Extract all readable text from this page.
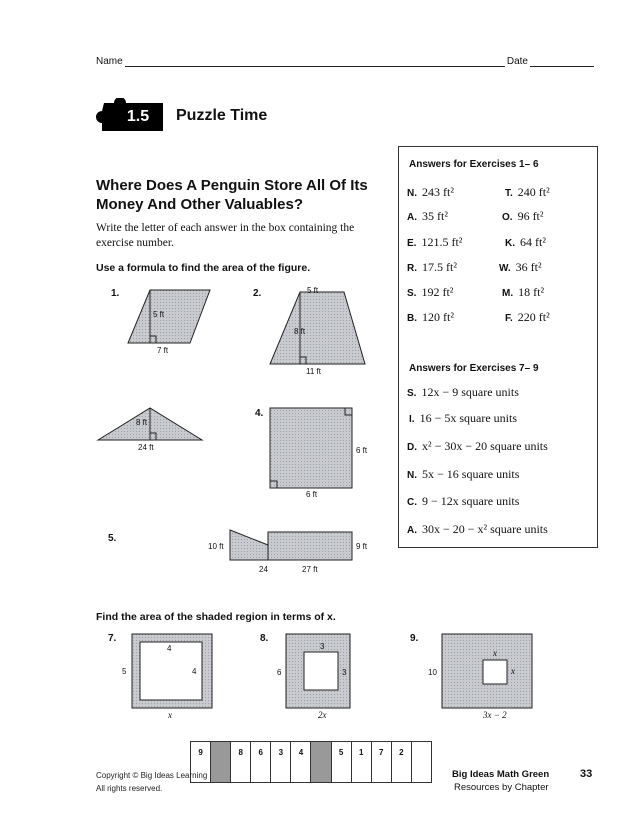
Name	Date
1.5	Puzzle Time
Where Does A Penguin Store All Of Its Money And Other Valuables?
Write the letter of each answer in the box containing the exercise number.
Use a formula to find the area of the figure.
1.
5 ft
7 ft
2.	5 ft
8 ft
11 ft
8 ft
24 ft
4.
6 ft
6 ft
5.
10 ft	9 ft
24	27 ft
Answers for Exercises 1– 6
N. 243 ft²	T. 240 ft²
A. 35 ft²	O. 96 ft²
E. 121.5 ft²	K. 64 ft²
R. 17.5 ft²	W. 36 ft²
S. 192 ft²	M. 18 ft²
B. 120 ft²	F. 220 ft²
Answers for Exercises 7– 9
S. 12x − 9 square units
I. 16 − 5x square units
D. x² − 30x − 20 square units
N. 5x − 16 square units
C. 9 − 12x square units
A. 30x − 20 − x² square units
Find the area of the shaded region in terms of x.
7.
4
5	4
x
8.
3
6	3
2x
9.
x
10	x
3x − 2
9	8	6	3	4	5	1	7	2
Copyright © Big Ideas Learning
All rights reserved.
Big Ideas Math Green
Resources by Chapter
33
